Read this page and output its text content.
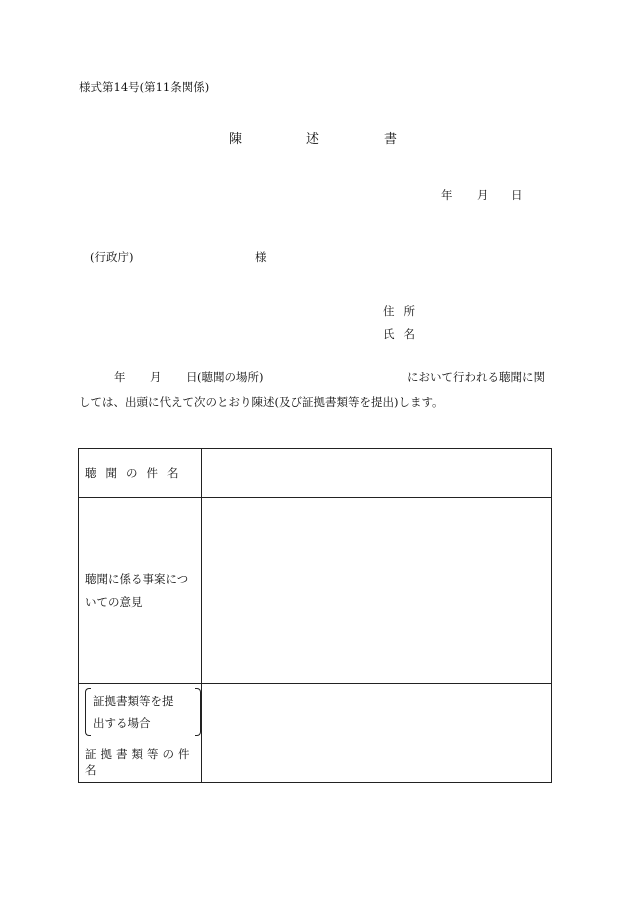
様式第14号(第11条関係)
陳	述	書
年 月 日
(行政庁)	様
住所
氏名
年 月 日 (聴聞の場所)	において行われる聴聞に関
しては、出頭に代えて次のとおり陳述(及び証拠書類等を提出)します。
聴聞の件名	

聴聞に係る事案につ
いての意見	

証拠書類等を提
出する場合
証拠書類等の件名	
